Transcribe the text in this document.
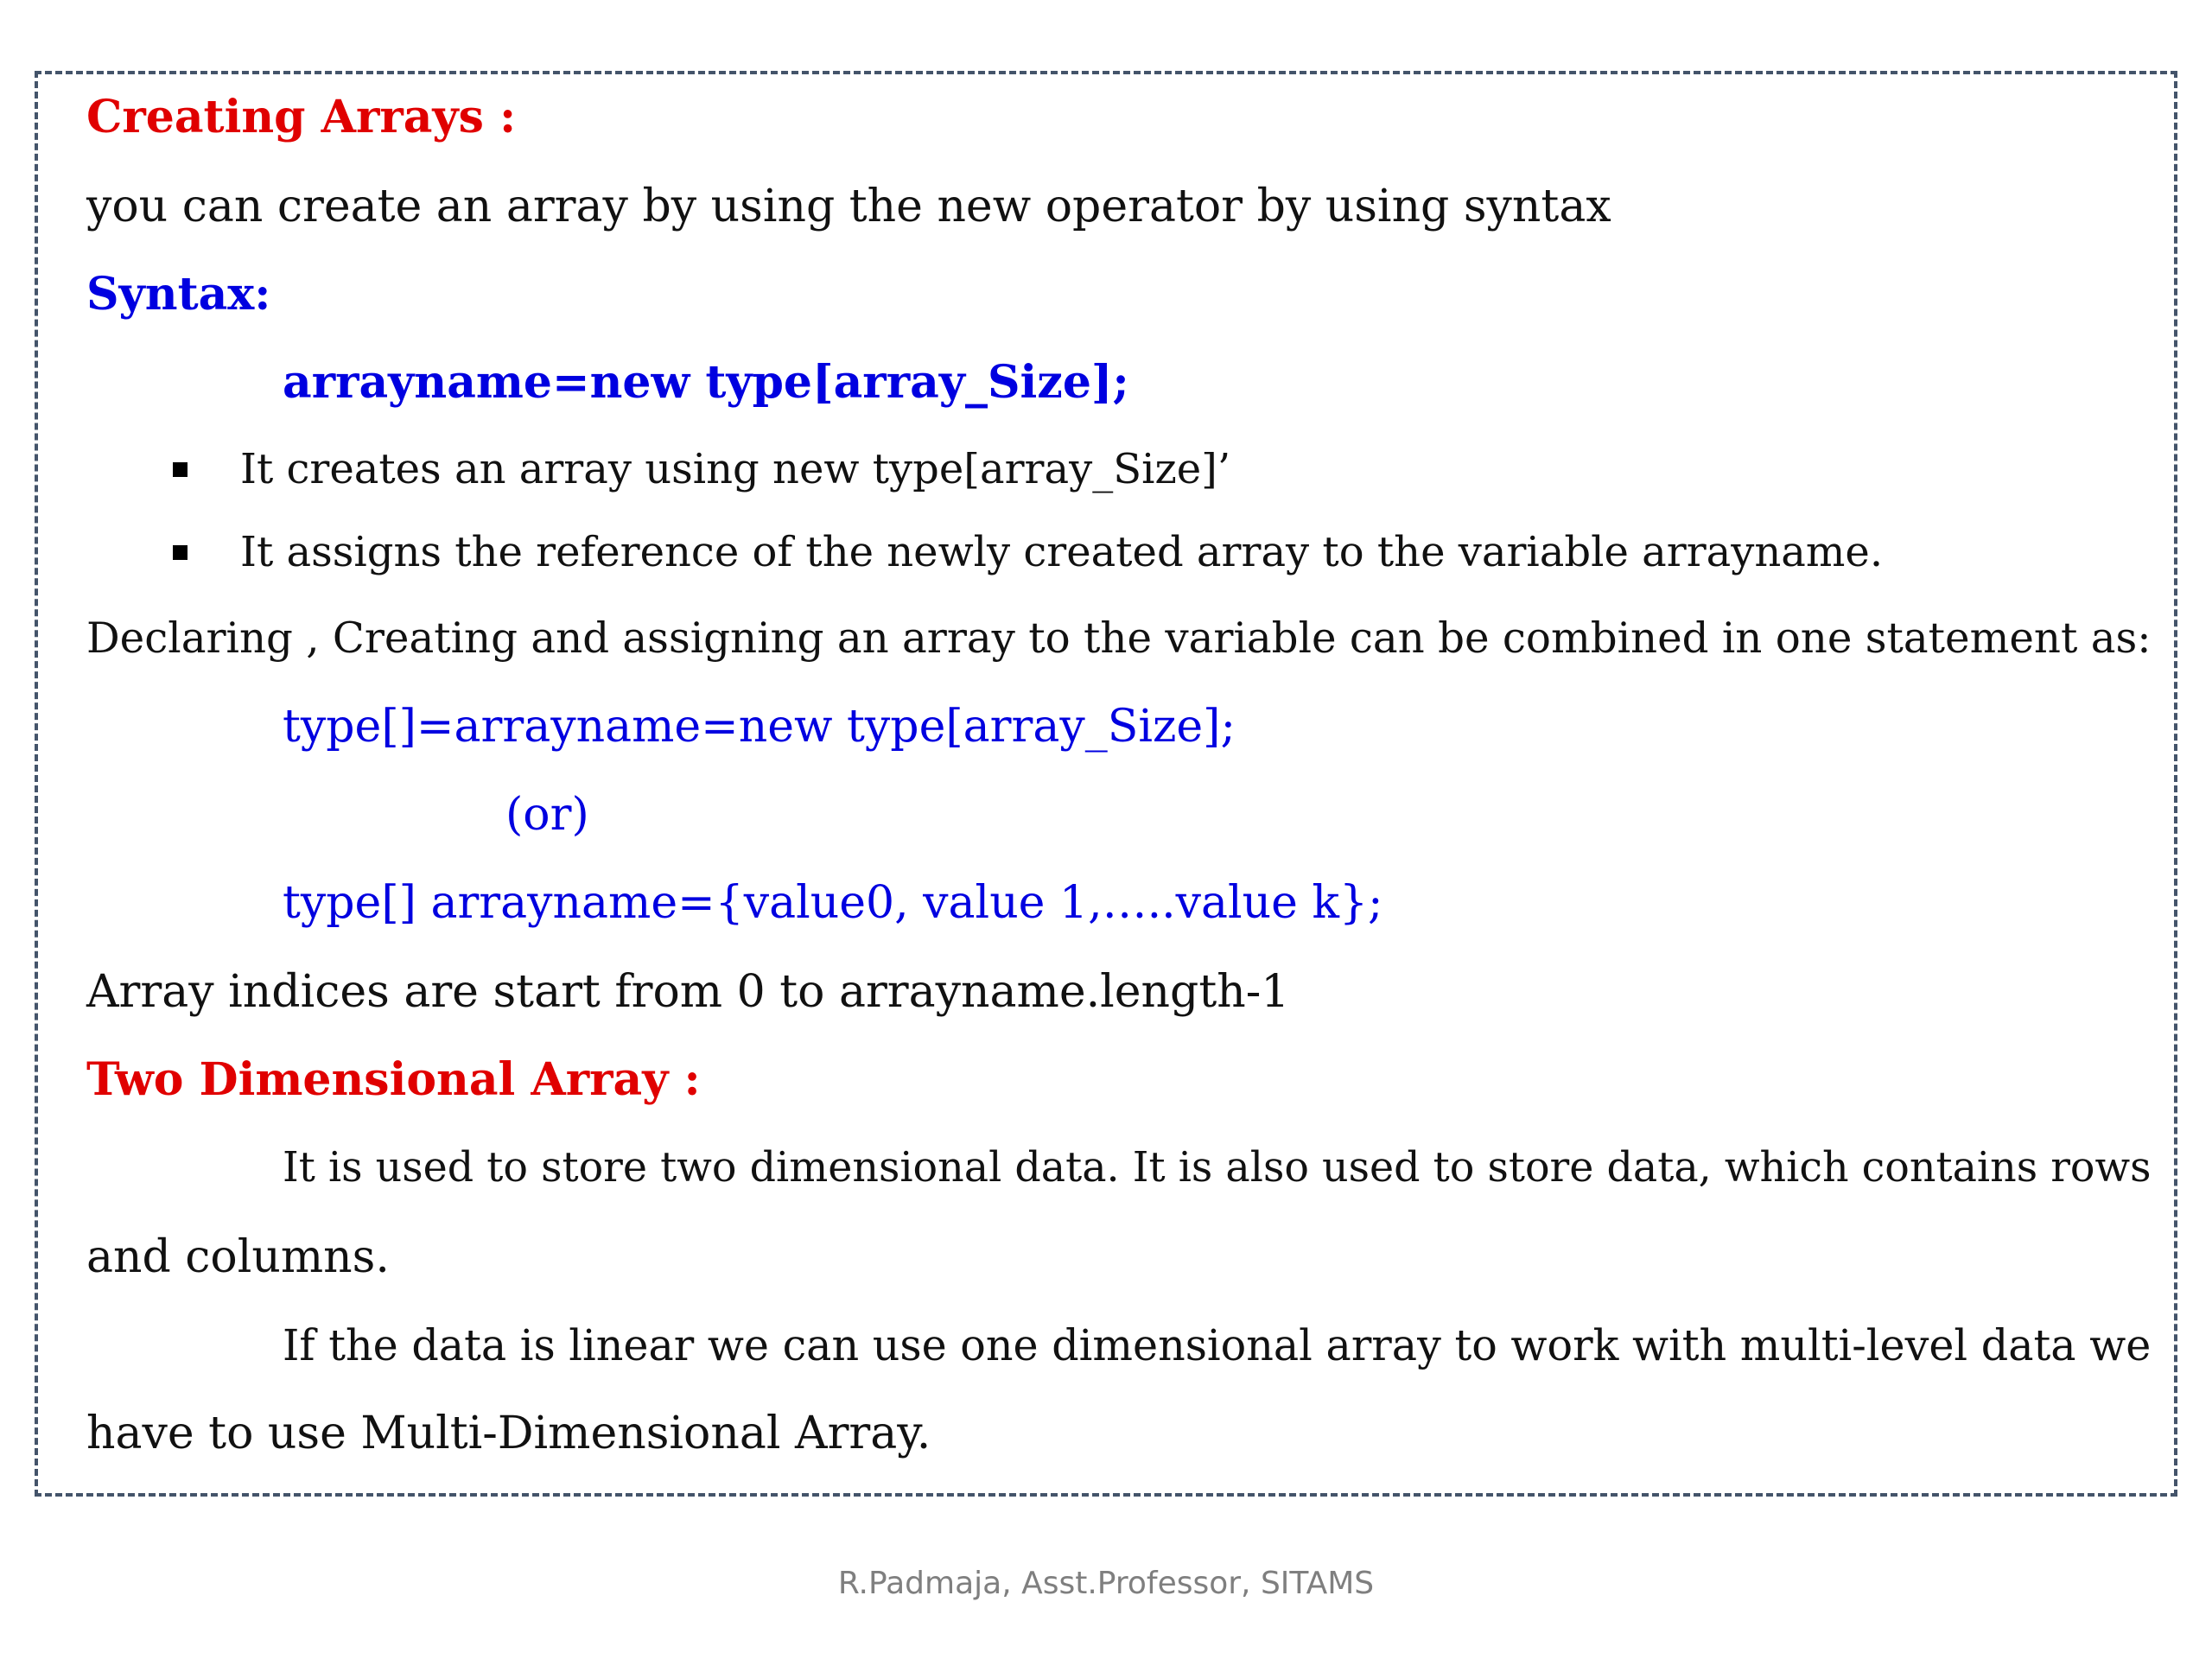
Creating Arrays :
you can create an array by using the new operator by using syntax
Syntax:
arrayname=new type[array_Size];
It creates an array using new type[array_Size]’
It assigns the reference of the newly created array to the variable arrayname.
Declaring , Creating and assigning an array to the variable can be combined in one statement as:
type[]=arrayname=new type[array_Size];
(or)
type[] arrayname={value0, value 1,…..value k};
Array indices are start from 0 to arrayname.length-1
Two Dimensional Array :
It is used to store two dimensional data. It is also used to store data, which contains rows
and columns.
If the data is linear we can use one dimensional array to work with multi-level data we
have to use Multi-Dimensional Array.
R.Padmaja, Asst.Professor, SITAMS
